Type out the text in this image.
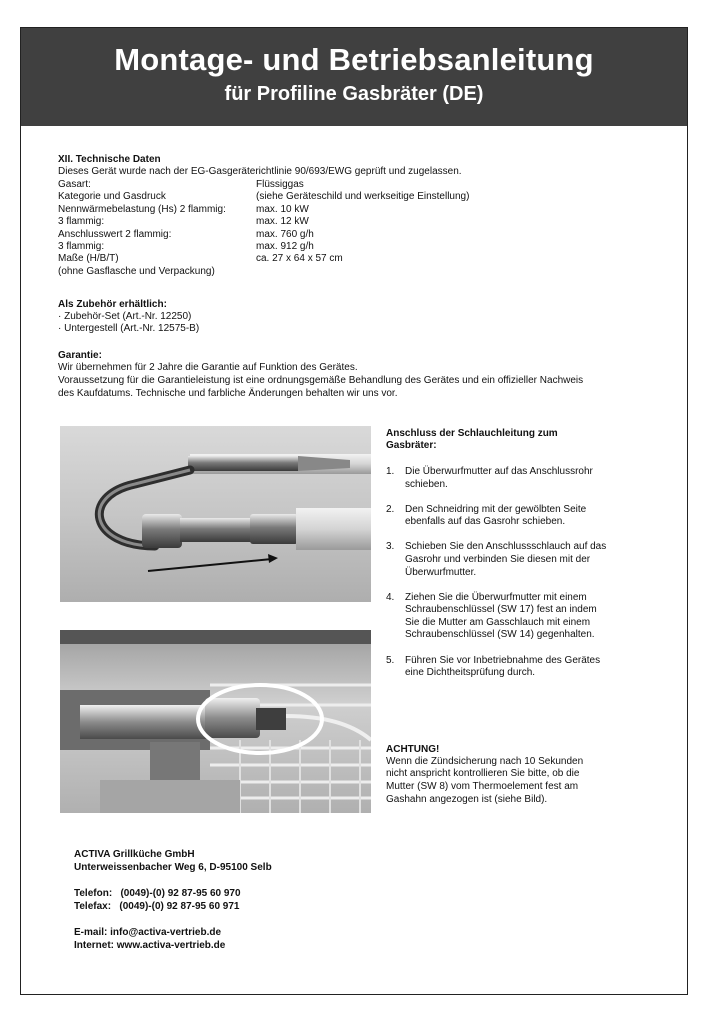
Montage- und Betriebsanleitung
für Profiline Gasbräter (DE)
XII. Technische Daten
Dieses Gerät wurde nach der EG-Gasgeräterichtlinie 90/693/EWG geprüft und zugelassen.
Gasart:	Flüssiggas
Kategorie und Gasdruck	(siehe Geräteschild und werkseitige Einstellung)
Nennwärmebelastung (Hs) 2 flammig:	max. 10 kW
3 flammig:	max. 12 kW
Anschlusswert 2 flammig:	max. 760 g/h
3 flammig:	max. 912 g/h
Maße (H/B/T)	ca. 27 x 64 x 57 cm
(ohne Gasflasche und Verpackung)
Als Zubehör erhältlich:
· Zubehör-Set (Art.-Nr. 12250)
· Untergestell (Art.-Nr. 12575-B)
Garantie:
Wir übernehmen für 2 Jahre die Garantie auf Funktion des Gerätes.
Voraussetzung für die Garantieleistung ist eine ordnungsgemäße Behandlung des Gerätes und ein offizieller Nachweis
des Kaufdatums. Technische und farbliche Änderungen behalten wir uns vor.
Anschluss der Schlauchleitung zum
Gasbräter:
1.	Die Überwurfmutter auf das Anschlussrohr
schieben.
2.	Den Schneidring mit der gewölbten Seite
ebenfalls auf das Gasrohr schieben.
3.	Schieben Sie den Anschlussschlauch auf das
Gasrohr und verbinden Sie diesen mit der
Überwurfmutter.
4.	Ziehen Sie die Überwurfmutter mit einem
Schraubenschlüssel (SW 17) fest an indem
Sie die Mutter am Gasschlauch mit einem
Schraubenschlüssel (SW 14) gegenhalten.
5.	Führen Sie vor Inbetriebnahme des Gerätes
eine Dichtheitsprüfung durch.
ACHTUNG!
Wenn die Zündsicherung nach 10 Sekunden
nicht anspricht kontrollieren Sie bitte, ob die
Mutter (SW 8) vom Thermoelement fest am
Gashahn angezogen ist (siehe Bild).
ACTIVA Grillküche GmbH
Unterweissenbacher Weg 6, D-95100 Selb
Telefon:   (0049)-(0) 92 87-95 60 970
Telefax:   (0049)-(0) 92 87-95 60 971
E-mail: info@activa-vertrieb.de
Internet: www.activa-vertrieb.de
